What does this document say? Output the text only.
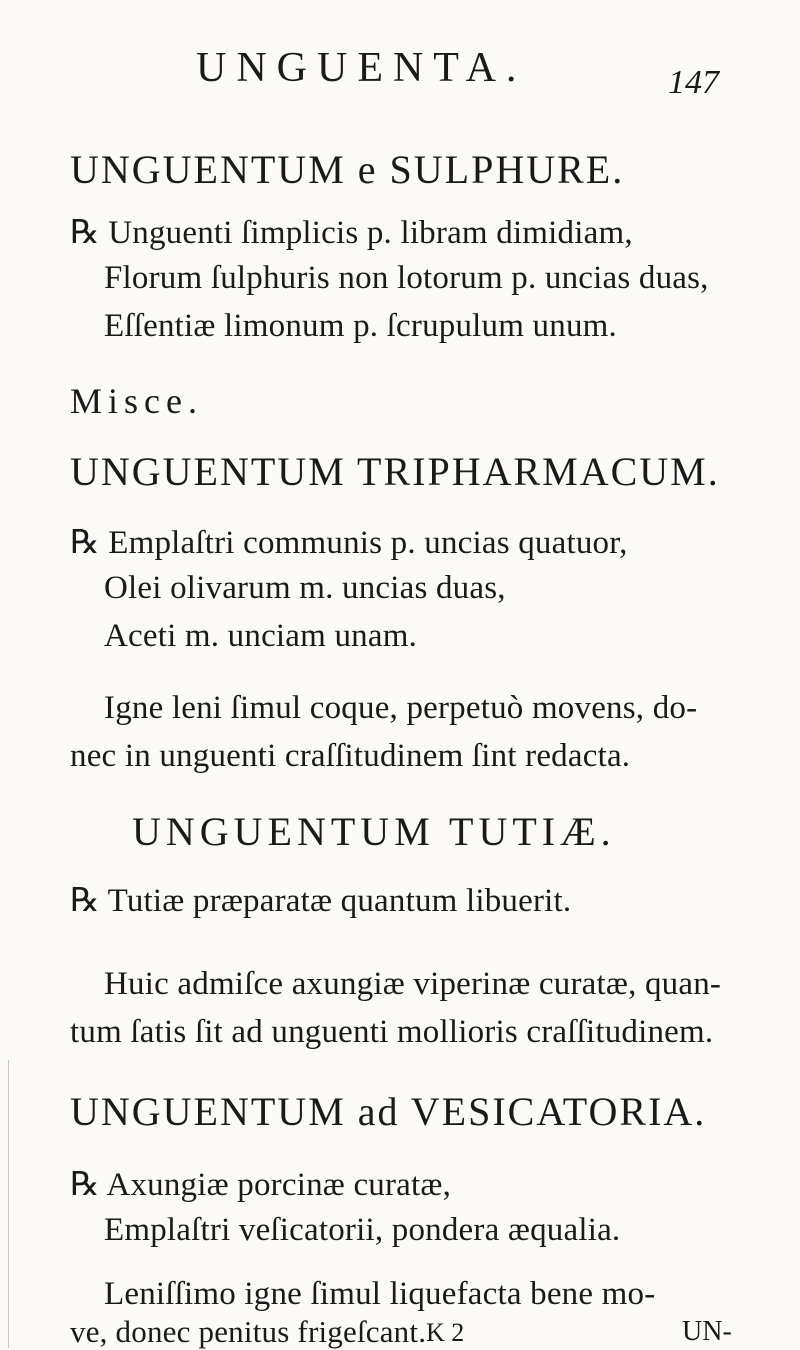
UNGUENTA.	147
UNGUENTUM e SULPHURE.
℞ Unguenti ſimplicis p. libram dimidiam,
Florum ſulphuris non lotorum p. uncias duas,
Eſſentiæ limonum p. ſcrupulum unum.
Misce.
UNGUENTUM TRIPHARMACUM.
℞ Emplaſtri communis p. uncias quatuor,
Olei olivarum m. uncias duas,
Aceti m. unciam unam.
Igne leni ſimul coque, perpetuò movens, do-
nec in unguenti craſſitudinem ſint redacta.
UNGUENTUM TUTIÆ.
℞ Tutiæ præparatæ quantum libuerit.
Huic admiſce axungiæ viperinæ curatæ, quan-
tum ſatis ſit ad unguenti mollioris craſſitudinem.
UNGUENTUM ad VESICATORIA.
℞ Axungiæ porcinæ curatæ,
Emplaſtri veſicatorii, pondera æqualia.
Leniſſimo igne ſimul liquefacta bene mo-
ve, donec penitus frigeſcant. K 2	UN-
